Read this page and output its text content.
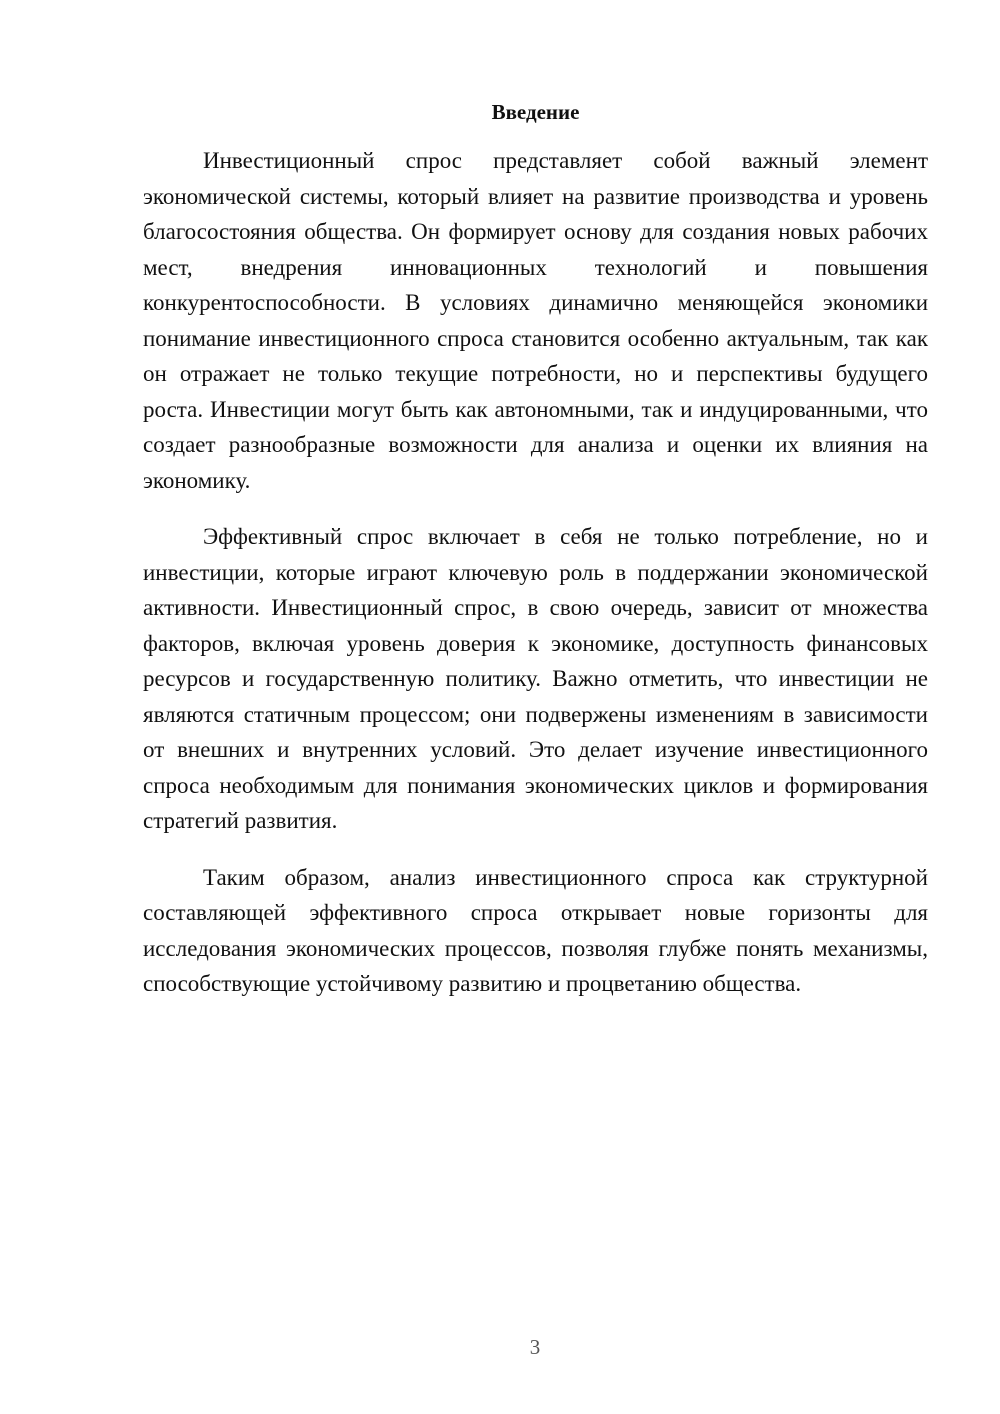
Введение

Инвестиционный спрос представляет собой важный элемент экономической системы, который влияет на развитие производства и уровень благосостояния общества. Он формирует основу для создания новых рабочих мест, внедрения инновационных технологий и повышения конкурентоспособности. В условиях динамично меняющейся экономики понимание инвестиционного спроса становится особенно актуальным, так как он отражает не только текущие потребности, но и перспективы будущего роста. Инвестиции могут быть как автономными, так и индуцированными, что создает разнообразные возможности для анализа и оценки их влияния на экономику.

Эффективный спрос включает в себя не только потребление, но и инвестиции, которые играют ключевую роль в поддержании экономической активности. Инвестиционный спрос, в свою очередь, зависит от множества факторов, включая уровень доверия к экономике, доступность финансовых ресурсов и государственную политику. Важно отметить, что инвестиции не являются статичным процессом; они подвержены изменениям в зависимости от внешних и внутренних условий. Это делает изучение инвестиционного спроса необходимым для понимания экономических циклов и формирования стратегий развития.

Таким образом, анализ инвестиционного спроса как структурной составляющей эффективного спроса открывает новые горизонты для исследования экономических процессов, позволяя глубже понять механизмы, способствующие устойчивому развитию и процветанию общества.

3
